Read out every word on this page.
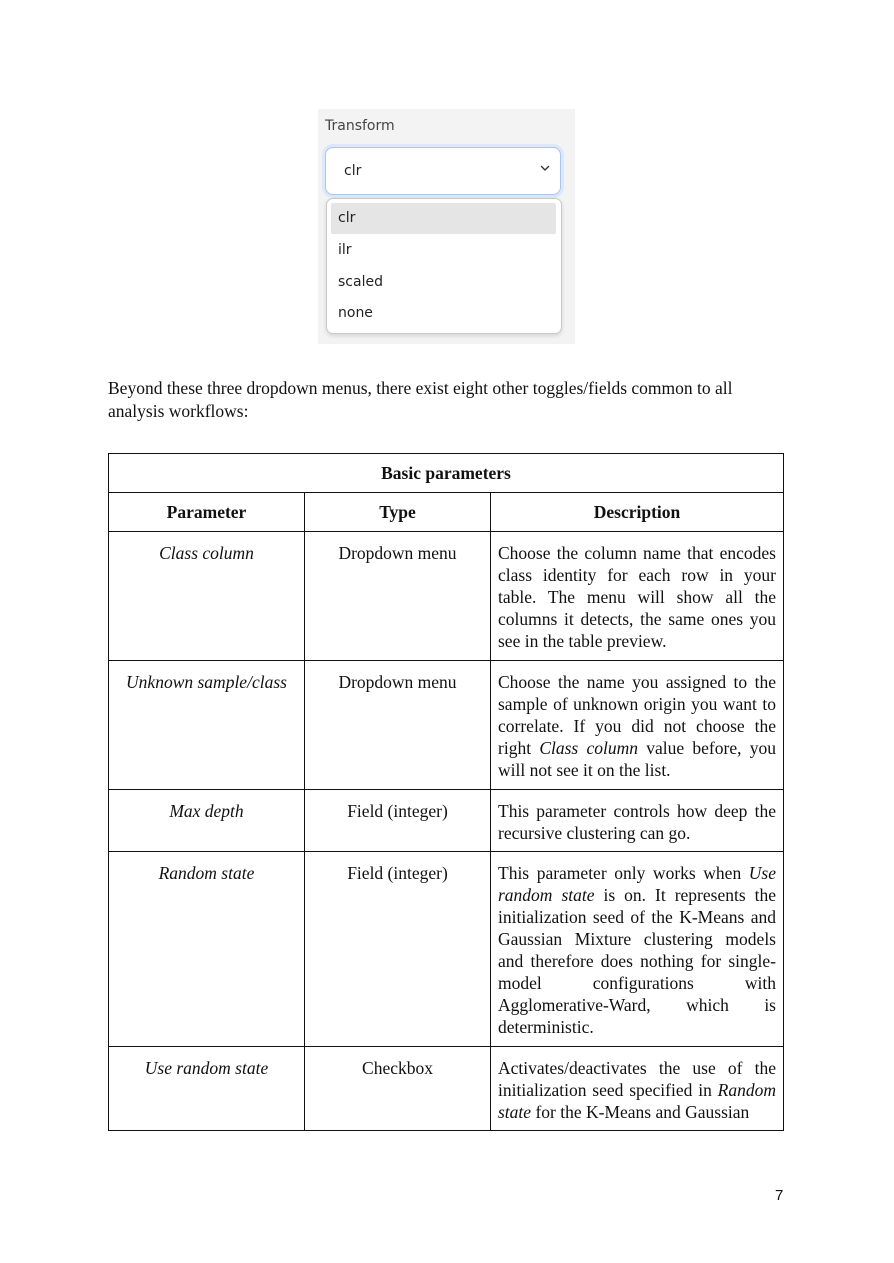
Transform
clr
clr
ilr
scaled
none
Beyond these three dropdown menus, there exist eight other toggles/fields common to all analysis workflows:
Basic parameters		
Parameter	Type	Description
Class column	Dropdown menu	Choose the column name that encodes class identity for each row in your table. The menu will show all the columns it detects, the same ones you see in the table preview.
Unknown sample/class	Dropdown menu	Choose the name you assigned to the sample of unknown origin you want to correlate. If you did not choose the right Class column value before, you will not see it on the list.
Max depth	Field (integer)	This parameter controls how deep the recursive clustering can go.
Random state	Field (integer)	This parameter only works when Use random state is on. It represents the initialization seed of the K-Means and Gaussian Mixture clustering models and therefore does nothing for single-model configurations with Agglomerative-Ward, which is deterministic.
Use random state	Checkbox	Activates/deactivates the use of the initialization seed specified in Random state for the K-Means and Gaussian
7
